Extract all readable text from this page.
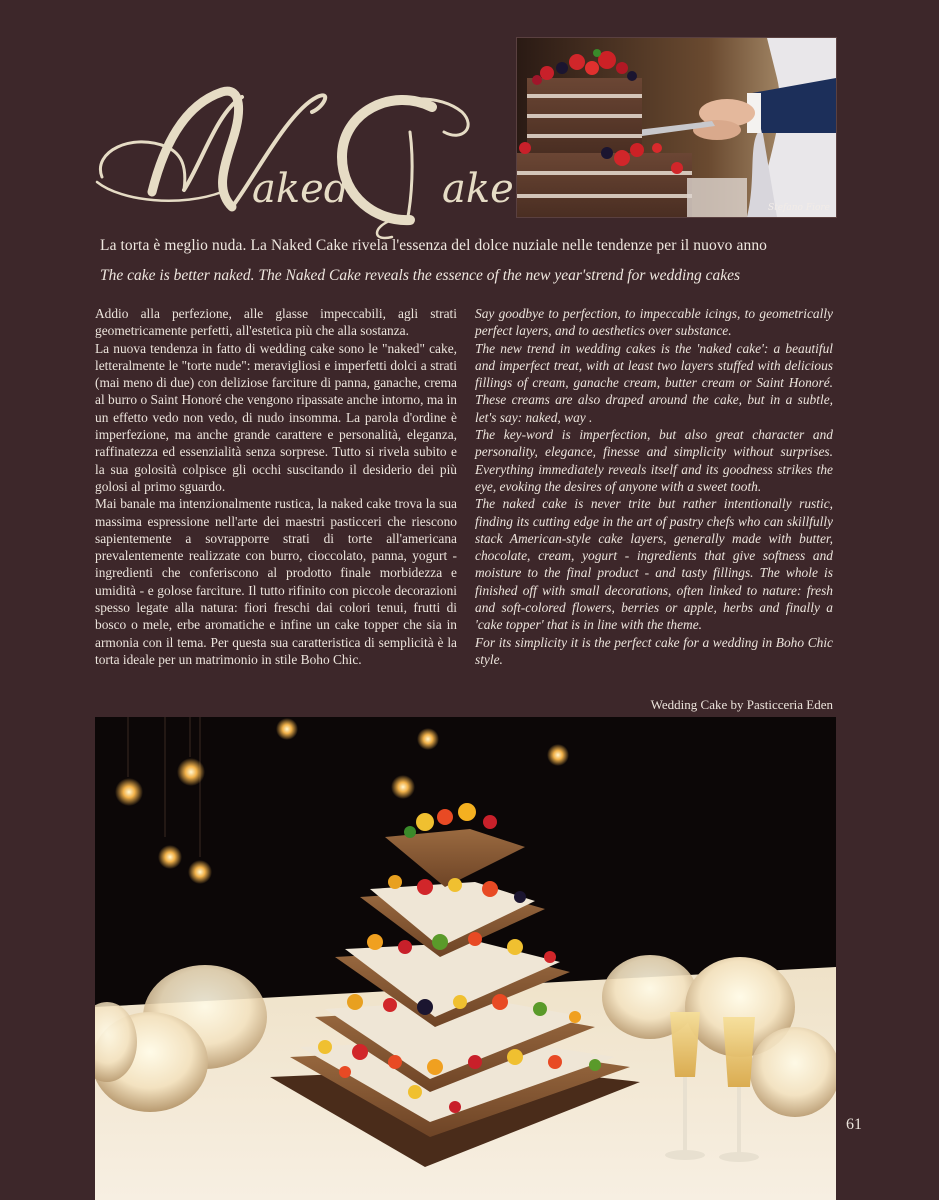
aked ake	Stefano Fiore
La torta è meglio nuda. La Naked Cake rivela l'essenza del dolce nuziale nelle tendenze per il nuovo anno
The cake is better naked. The Naked Cake reveals the essence of the new year'strend for wedding cakes

Addio alla perfezione, alle glasse impeccabili, agli strati geometricamente perfetti, all'estetica più che alla sostanza.

La nuova tendenza in fatto di wedding cake sono le "naked" cake, letteralmente le "torte nude": meravigliosi e imperfetti dolci a strati (mai meno di due) con deliziose farciture di panna, ganache, crema al burro o Saint Honoré che vengono ripassate anche intorno, ma in un effetto vedo non vedo, di nudo insomma. La parola d'ordine è imperfezione, ma anche grande carattere e personalità, eleganza, raffinatezza ed essenzialità senza sorprese. Tutto si rivela subito e la sua golosità colpisce gli occhi suscitando il desiderio dei più golosi al primo sguardo.

Mai banale ma intenzionalmente rustica, la naked cake trova la sua massima espressione nell'arte dei maestri pasticceri che riescono sapientemente a sovrapporre strati di torte all'americana prevalentemente realizzate con burro, cioccolato, panna, yogurt - ingredienti che conferiscono al prodotto finale morbidezza e umidità - e golose farciture. Il tutto rifinito con piccole decorazioni spesso legate alla natura: fiori freschi dai colori tenui, frutti di bosco o mele, erbe aromatiche e infine un cake topper che sia in armonia con il tema. Per questa sua caratteristica di semplicità è la torta ideale per un matrimonio in stile Boho Chic.

Say goodbye to perfection, to impeccable icings, to geometrically perfect layers, and to aesthetics over substance.

The new trend in wedding cakes is the 'naked cake': a beautiful and imperfect treat, with at least two layers stuffed with delicious fillings of cream, ganache cream, butter cream or Saint Honoré. These creams are also draped around the cake, but in a subtle, let's say: naked, way .

The key-word is imperfection, but also great character and personality, elegance, finesse and simplicity without surprises. Everything immediately reveals itself and its goodness strikes the eye, evoking the desires of anyone with a sweet tooth.

The naked cake is never trite but rather intentionally rustic, finding its cutting edge in the art of pastry chefs who can skillfully stack American-style cake layers, generally made with butter, chocolate, cream, yogurt - ingredients that give softness and moisture to the final product - and tasty fillings. The whole is finished off with small decorations, often linked to nature: fresh and soft-colored flowers, berries or apple, herbs and finally a 'cake topper' that is in line with the theme.

For its simplicity it is the perfect cake for a wedding in Boho Chic style.

Wedding Cake by Pasticceria Eden
61
